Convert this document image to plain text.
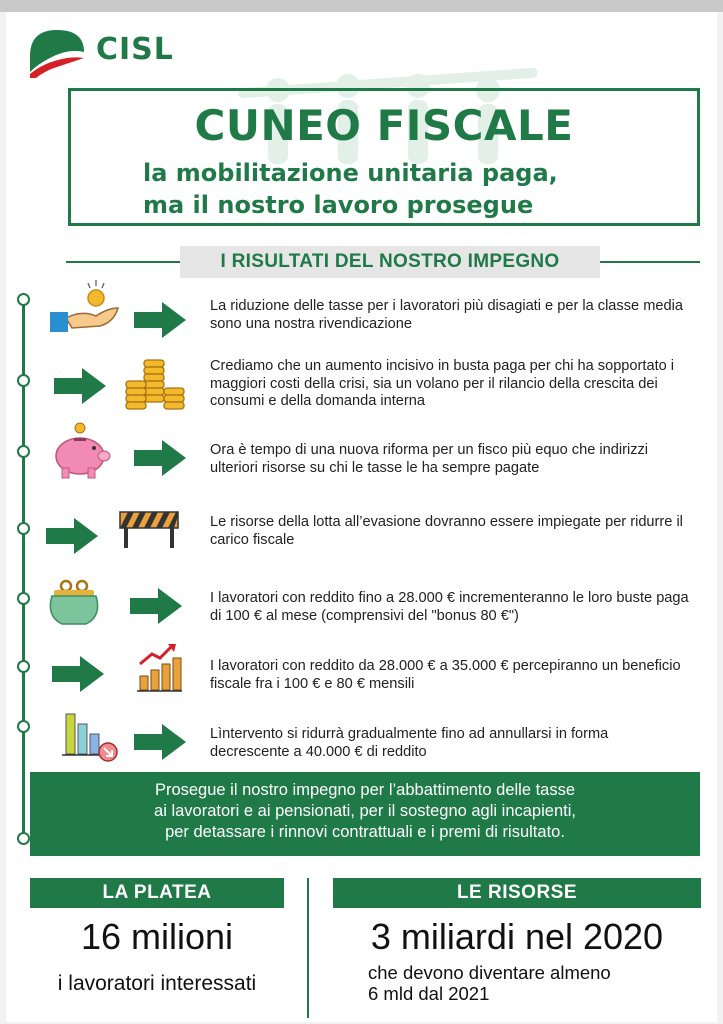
CISL
CUNEO FISCALE
la mobilitazione unitaria paga,
ma il nostro lavoro prosegue
I RISULTATI DEL NOSTRO IMPEGNO
La riduzione delle tasse per i lavoratori più disagiati e per la classe media sono una nostra rivendicazione
Crediamo che un aumento incisivo in busta paga per chi ha sopportato i maggiori costi della crisi, sia un volano per il rilancio della crescita dei consumi e della domanda interna
Ora è tempo di una nuova riforma per un fisco più equo che indirizzi ulteriori risorse su chi le tasse le ha sempre pagate
Le risorse della lotta all’evasione dovranno essere impiegate per ridurre il carico fiscale
I lavoratori con reddito fino a 28.000 € incrementeranno le loro buste paga di 100 € al mese (comprensivi del "bonus 80 €")
I lavoratori con reddito da 28.000 € a 35.000 € percepiranno un beneficio fiscale fra i 100 € e 80 € mensili
Lìntervento si ridurrà gradualmente fino ad annullarsi in forma decrescente a 40.000 € di reddito
Prosegue il nostro impegno per l’abbattimento delle tasse
ai lavoratori e ai pensionati, per il sostegno agli incapienti,
per detassare i rinnovi contrattuali e i premi di risultato.
LA PLATEA	LE RISORSE
16 milioni
i lavoratori interessati
3 miliardi nel 2020
che devono diventare almeno
6 mld dal 2021
